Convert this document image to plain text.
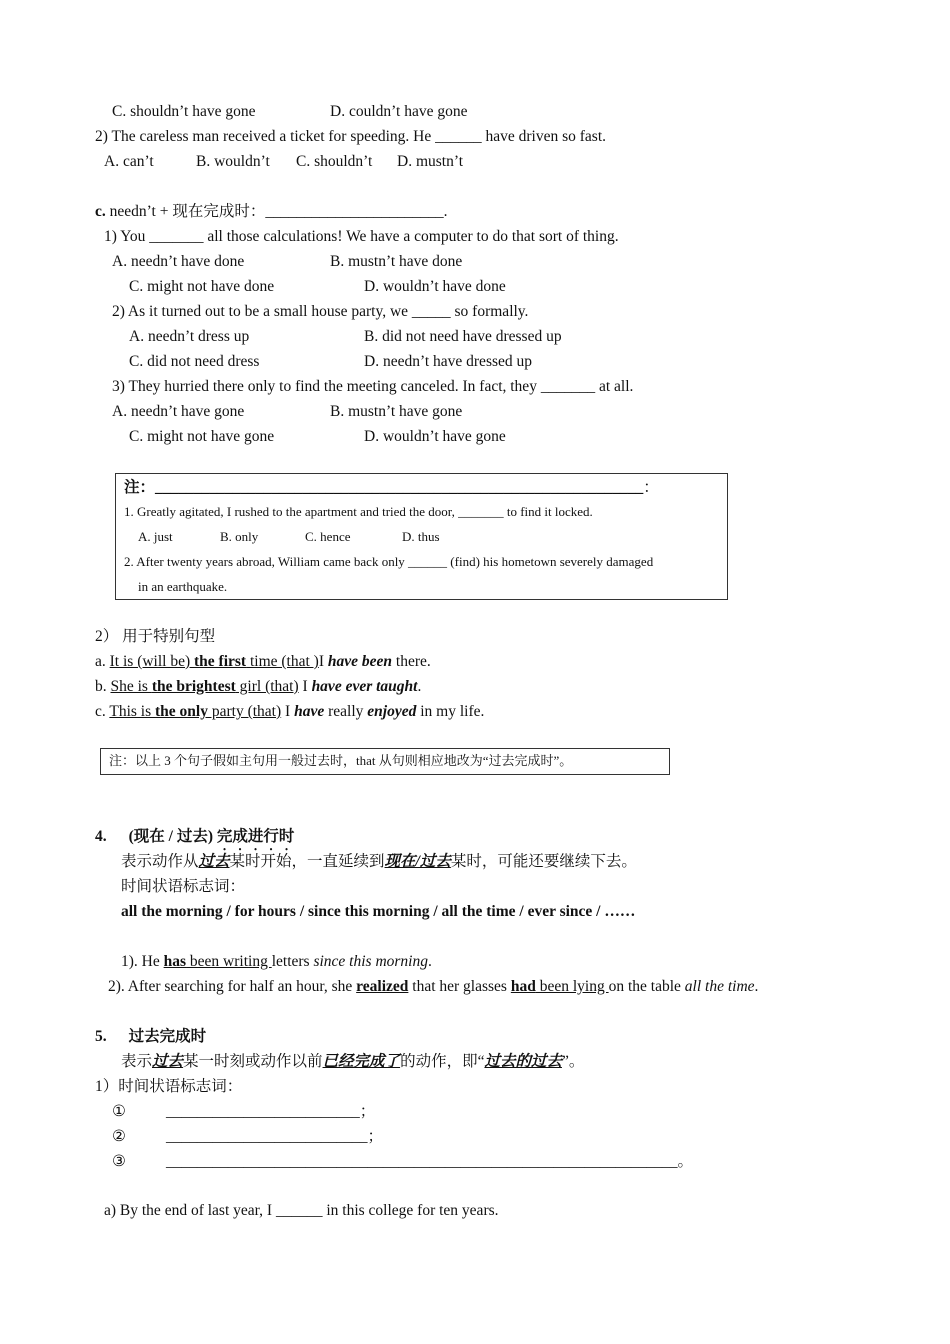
C. shouldn’t have gone	D. couldn’t have gone
2) The careless man received a ticket for speeding. He ______ have driven so fast.
A. can’t	B. wouldn’t C. shouldn’t D. mustn’t
c. needn’t + 现在完成时：_______________________.
1) You _______ all those calculations! We have a computer to do that sort of thing.
A. needn’t have done	B. mustn’t have done
C. might not have done	D. wouldn’t have done
2) As it turned out to be a small house party, we _____ so formally.
A. needn’t dress up	B. did not need have dressed up
C. did not need dress	D. needn’t have dressed up
3) They hurried there only to find the meeting canceled. In fact, they _______ at all.
A. needn’t have gone	B. mustn’t have gone
C. might not have gone	D. wouldn’t have gone
注：_______________________________________________________________：
1. Greatly agitated, I rushed to the apartment and tried the door, _______ to find it locked.
A. just	B. only	C. hence	D. thus
2. After twenty years abroad, William came back only ______ (find) his hometown severely damaged
in an earthquake.
2） 用于特别句型
a. It is (will be) the first time (that )I have been there.
b. She is the brightest girl (that) I have ever taught.
c. This is the only party (that) I have really enjoyed in my life.
注：以上 3 个句子假如主句用一般过去时，that 从句则相应地改为“过去完成时”。
4. (现在 / 过去) 完成进行时
表示动作从过去某时开始，一直延续到现在/过去某时，可能还要继续下去。
时间状语标志词：
all the morning / for hours / since this morning / all the time / ever since / ……
1). He has been writing letters since this morning.
2). After searching for half an hour, she realized that her glasses had been lying on the table all the time.
5. 过去完成时
表示过去某一时刻或动作以前已经完成了的动作，即“过去的过去”。
1）时间状语标志词：
①	_________________________；
②	__________________________；
③	__________________________________________________________________。
a) By the end of last year, I ______ in this college for ten years.
